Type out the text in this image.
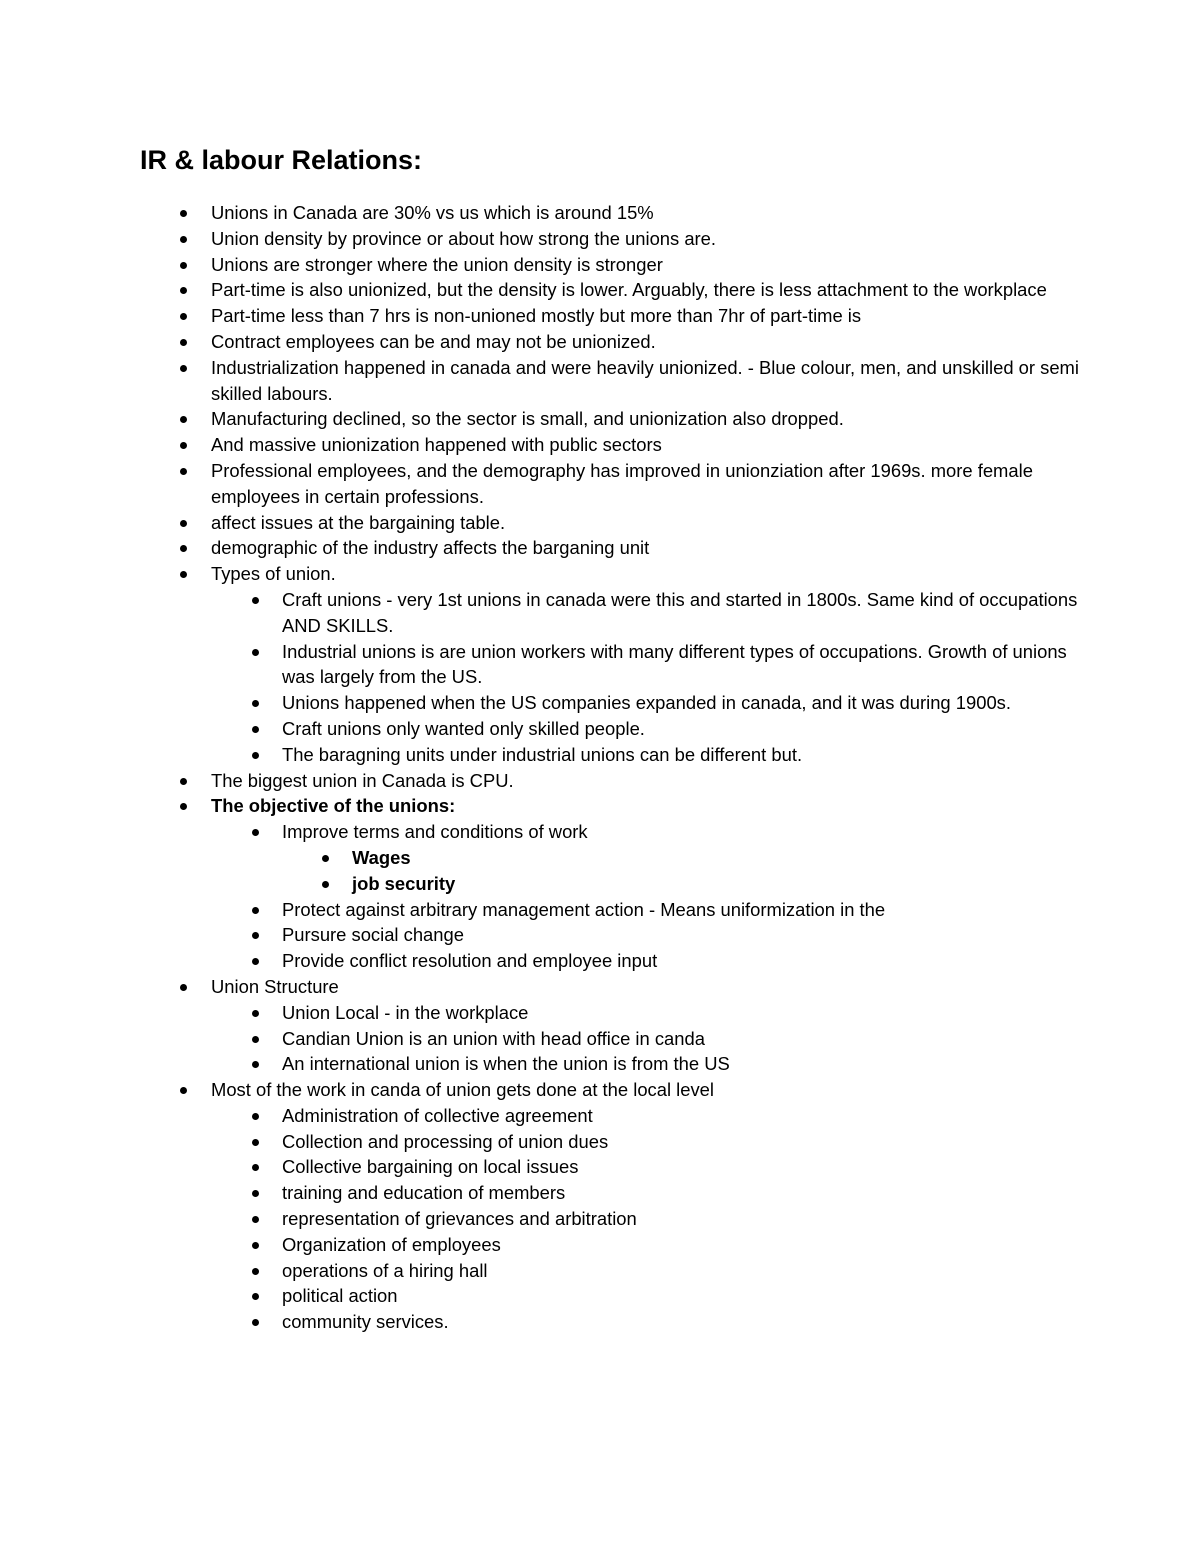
IR & labour Relations:
Unions in Canada are 30% vs us which is around 15%
Union density by province or about how strong the unions are.
Unions are stronger where the union density is stronger
Part-time is also unionized, but the density is lower. Arguably, there is less attachment to the workplace
Part-time less than 7 hrs is non-unioned mostly but more than 7hr of part-time is
Contract employees can be and may not be unionized.
Industrialization happened in canada and were heavily unionized. - Blue colour, men, and unskilled or semi skilled labours.
Manufacturing declined, so the sector is small, and unionization also dropped.
And massive unionization happened with public sectors
Professional employees, and the demography has improved in unionziation after 1969s. more female employees in certain professions.
affect issues at the bargaining table.
demographic of the industry affects the barganing unit
Types of union.
Craft unions - very 1st unions in canada were this and started in 1800s. Same kind of occupations AND SKILLS.
Industrial unions is are union workers with many different types of occupations. Growth of unions was largely from the US.
Unions happened when the US companies expanded in canada, and it was during 1900s.
Craft unions only wanted only skilled people.
The baragning units under industrial unions can be different but.
The biggest union in Canada is CPU.
The objective of the unions:
Improve terms and conditions of work
Wages
job security
Protect against arbitrary management action - Means uniformization in the
Pursure social change
Provide conflict resolution and employee input
Union Structure
Union Local - in the workplace
Candian Union is an union with head office in canda
An international union is when the union is from the US
Most of the work in canda of union gets done at the local level
Administration of collective agreement
Collection and processing of union dues
Collective bargaining on local issues
training and education of members
representation of grievances and arbitration
Organization of employees
operations of a hiring hall
political action
community services.
